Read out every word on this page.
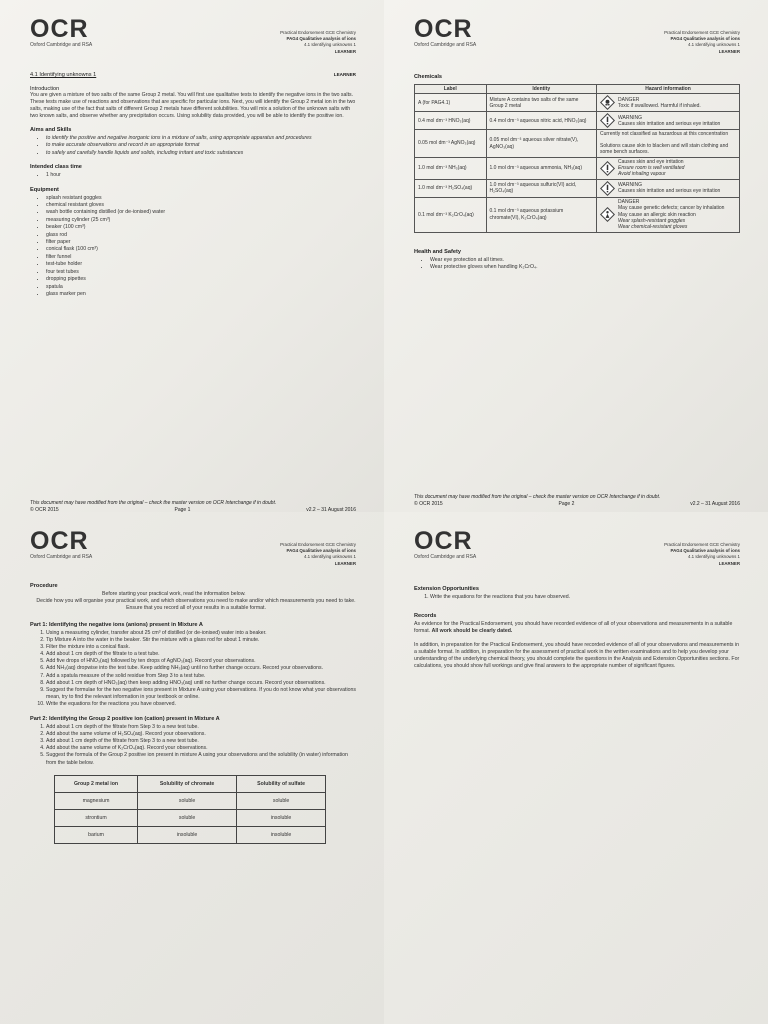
OCR
Oxford Cambridge and RSA
Practical Endorsement GCE Chemistry
PAG4 Qualitative analysis of ions
4.1 Identifying unknowns 1
LEARNER
4.1 Identifying unknowns 1	LEARNER
Introduction
You are given a mixture of two salts of the same Group 2 metal. You will first use qualitative tests to identify the negative ions in the two salts. These tests make use of reactions and observations that are specific for particular ions. Next, you will identify the Group 2 metal ion in the two salts, making use of the fact that salts of different Group 2 metals have different solubilities. You will mix a solution of the unknown salts with two known salts, and observe whether any precipitation occurs. Using solubility data provided, you will be able to identify the positive ion.
Aims and Skills
• to identify the positive and negative inorganic ions in a mixture of salts, using appropriate apparatus and procedures
• to make accurate observations and record in an appropriate format
• to safely and carefully handle liquids and solids, including irritant and toxic substances
Intended class time
• 1 hour
Equipment
• splash resistant goggles
• chemical resistant gloves
• wash bottle containing distilled (or de-ionised) water
• measuring cylinder (25 cm³)
• beaker (100 cm³)
• glass rod
• filter paper
• conical flask (100 cm³)
• filter funnel
• test-tube holder
• four test tubes
• dropping pipettes
• spatula
• glass marker pen
This document may have modified from the original – check the master version on OCR Interchange if in doubt.
© OCR 2015	Page 1	v2.2 – 31 August 2016
OCR
Oxford Cambridge and RSA
Practical Endorsement GCE Chemistry
PAG4 Qualitative analysis of ions
4.1 Identifying unknowns 1
LEARNER
Chemicals
Label	Identity	Hazard information
A (for PAG4.1)	Mixture A contains two salts of the same Group 2 metal	DANGER
Toxic if swallowed. Harmful if inhaled.

0.4 mol dm⁻³ HNO₃(aq)	0.4 mol dm⁻³ aqueous nitric acid, HNO₃(aq)	WARNING
Causes skin irritation and serious eye irritation

0.05 mol dm⁻³ AgNO₃(aq)	0.05 mol dm⁻³ aqueous silver nitrate(V), AgNO₃(aq)	Currently not classified as hazardous at this concentration
Solutions cause skin to blacken and will stain clothing and some bench surfaces.

1.0 mol dm⁻³ NH₃(aq)	1.0 mol dm⁻³ aqueous ammonia, NH₃(aq)	Causes skin and eye irritation
Ensure room is well ventilated
Avoid inhaling vapour

1.0 mol dm⁻³ H₂SO₄(aq)	1.0 mol dm⁻³ aqueous sulfuric(VI) acid, H₂SO₄(aq)	WARNING
Causes skin irritation and serious eye irritation

0.1 mol dm⁻³ K₂CrO₄(aq)	0.1 mol dm⁻³ aqueous potassium chromate(VI), K₂CrO₄(aq)	DANGER
May cause genetic defects; cancer by inhalation
May cause an allergic skin reaction
Wear splash-resistant goggles
Wear chemical-resistant gloves
Health and Safety
• Wear eye protection at all times.
• Wear protective gloves when handling K₂CrO₄.
This document may have modified from the original – check the master version on OCR Interchange if in doubt.
© OCR 2015	Page 2	v2.2 – 31 August 2016
OCR
Oxford Cambridge and RSA
Practical Endorsement GCE Chemistry
PAG4 Qualitative analysis of ions
4.1 Identifying unknowns 1
LEARNER
Procedure
Before starting your practical work, read the information below.
Decide how you will organise your practical work, and which observations you need to make and/or which measurements you need to take. Ensure that you record all of your results in a suitable format.
Part 1: Identifying the negative ions (anions) present in Mixture A
1. Using a measuring cylinder, transfer about 25 cm³ of distilled (or de-ionised) water into a beaker.
2. Tip Mixture A into the water in the beaker. Stir the mixture with a glass rod for about 1 minute.
3. Filter the mixture into a conical flask.
4. Add about 1 cm depth of the filtrate to a test tube.
5. Add five drops of HNO₃(aq) followed by ten drops of AgNO₃(aq). Record your observations.
6. Add NH₃(aq) dropwise into the test tube. Keep adding NH₃(aq) until no further change occurs. Record your observations.
7. Add a spatula measure of the solid residue from Step 3 to a test tube.
8. Add about 1 cm depth of HNO₃(aq) then keep adding HNO₃(aq) until no further change occurs. Record your observations.
9. Suggest the formulae for the two negative ions present in Mixture A using your observations. If you do not know what your observations mean, try to find the relevant information in your textbook or online.
10. Write the equations for the reactions you have observed.
Part 2: Identifying the Group 2 positive ion (cation) present in Mixture A
1. Add about 1 cm depth of the filtrate from Step 3 to a new test tube.
2. Add about the same volume of H₂SO₄(aq). Record your observations.
3. Add about 1 cm depth of the filtrate from Step 3 to a new test tube.
4. Add about the same volume of K₂CrO₄(aq). Record your observations.
5. Suggest the formula of the Group 2 positive ion present in mixture A using your observations and the solubility (in water) information from the table below.
Group 2 metal ion	Solubility of chromate	Solubility of sulfate
magnesium	soluble	soluble
strontium	soluble	insoluble
barium	insoluble	insoluble
OCR
Oxford Cambridge and RSA
Practical Endorsement GCE Chemistry
PAG4 Qualitative analysis of ions
4.1 Identifying unknowns 1
LEARNER
Extension Opportunities
1. Write the equations for the reactions that you have observed.
Records
As evidence for the Practical Endorsement, you should have recorded evidence of all of your observations and measurements in a suitable format. All work should be clearly dated.
In addition, in preparation for the Practical Endorsement, you should have recorded evidence of all of your observations and measurements in a suitable format. In addition, in preparation for the assessment of practical work in the written examinations and to help you develop your understanding of the underlying chemical theory, you should complete the questions in the Analysis and Extension Opportunities sections. For calculations, you should show full workings and give final answers to the appropriate number of significant figures.
